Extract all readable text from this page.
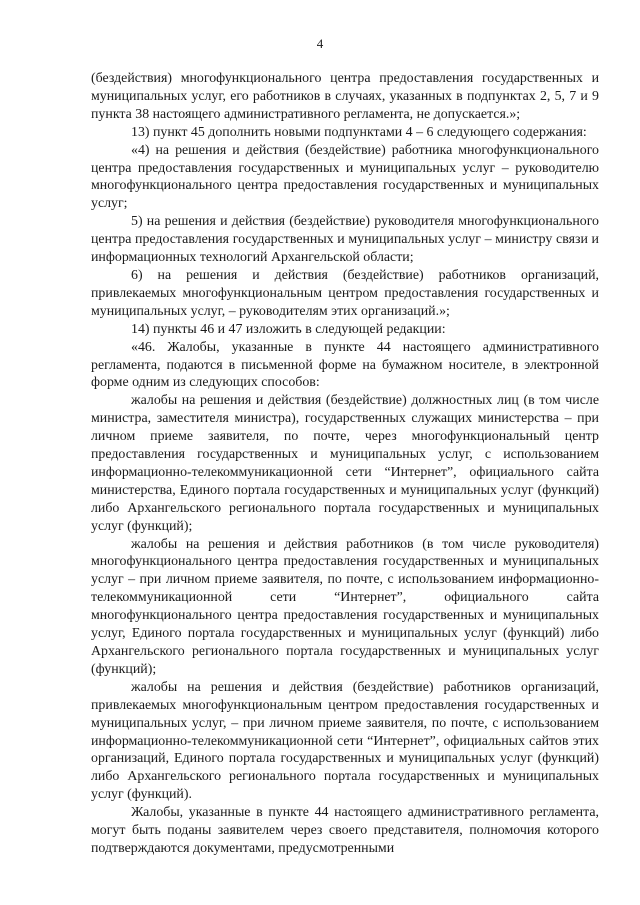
4

(бездействия) многофункционального центра предоставления государственных и муниципальных услуг, его работников в случаях, указанных в подпунктах 2, 5, 7 и 9 пункта 38 настоящего административного регламента, не допускается.»;

13) пункт 45 дополнить новыми подпунктами 4 – 6 следующего содержания:

«4) на решения и действия (бездействие) работника многофункционального центра предоставления государственных и муниципальных услуг – руководителю многофункционального центра предоставления государственных и муниципальных услуг;

5) на решения и действия (бездействие) руководителя многофункционального центра предоставления государственных и муниципальных услуг – министру связи и информационных технологий Архангельской области;

6) на решения и действия (бездействие) работников организаций, привлекаемых многофункциональным центром предоставления государственных и муниципальных услуг, – руководителям этих организаций.»;

14) пункты 46 и 47 изложить в следующей редакции:

«46. Жалобы, указанные в пункте 44 настоящего административного регламента, подаются в письменной форме на бумажном носителе, в электронной форме одним из следующих способов:

жалобы на решения и действия (бездействие) должностных лиц (в том числе министра, заместителя министра), государственных служащих министерства – при личном приеме заявителя, по почте, через многофункциональный центр предоставления государственных и муниципальных услуг, с использованием информационно-телекоммуникационной сети “Интернет”, официального сайта министерства, Единого портала государственных и муниципальных услуг (функций) либо Архангельского регионального портала государственных и муниципальных услуг (функций);

жалобы на решения и действия работников (в том числе руководителя) многофункционального центра предоставления государственных и муниципальных услуг – при личном приеме заявителя, по почте, с использованием информационно-телекоммуникационной сети “Интернет”, официального сайта многофункционального центра предоставления государственных и муниципальных услуг, Единого портала государственных и муниципальных услуг (функций) либо Архангельского регионального портала государственных и муниципальных услуг (функций);

жалобы на решения и действия (бездействие) работников организаций, привлекаемых многофункциональным центром предоставления государственных и муниципальных услуг, – при личном приеме заявителя, по почте, с использованием информационно-телекоммуникационной сети “Интернет”, официальных сайтов этих организаций, Единого портала государственных и муниципальных услуг (функций) либо Архангельского регионального портала государственных и муниципальных услуг (функций).

Жалобы, указанные в пункте 44 настоящего административного регламента, могут быть поданы заявителем через своего представителя, полномочия которого подтверждаются документами, предусмотренными
